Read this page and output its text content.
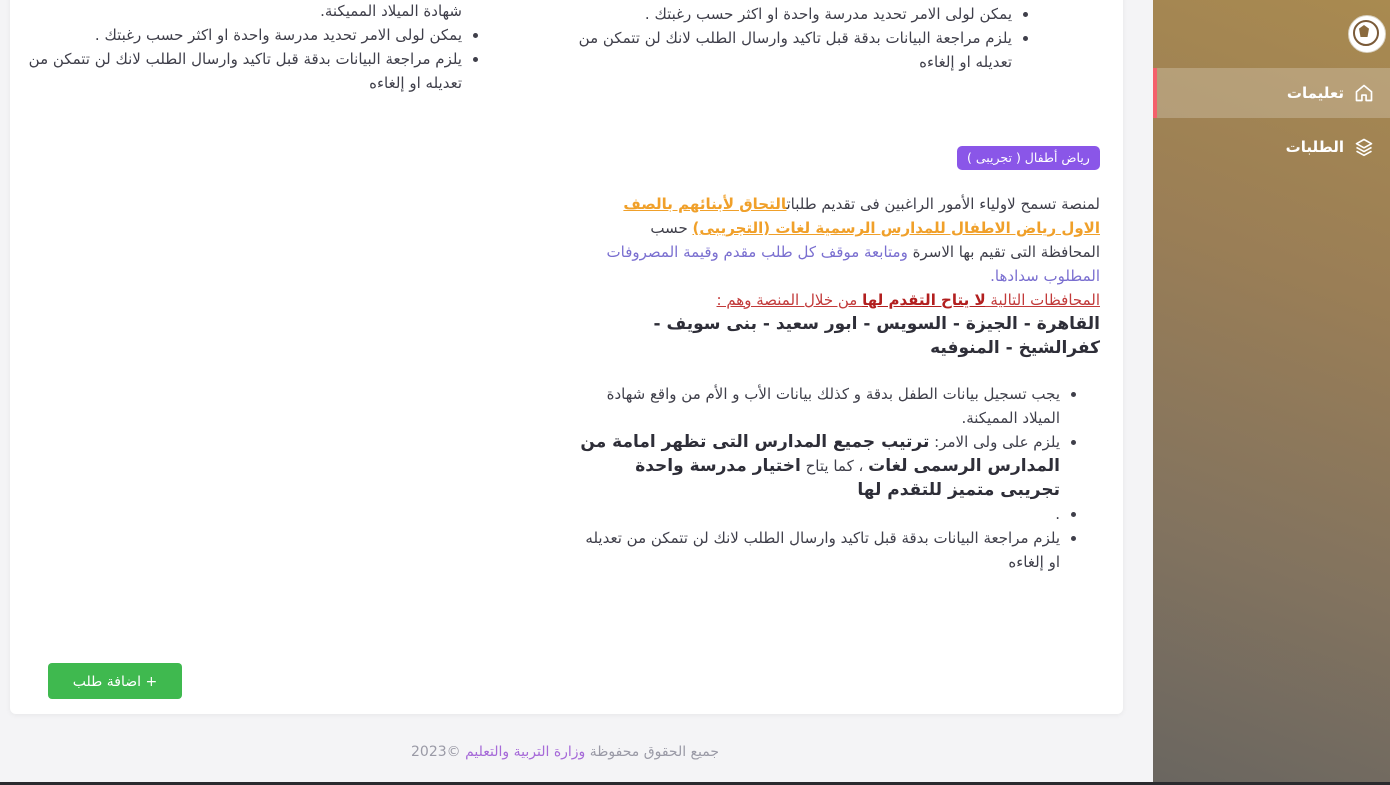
تعليمات
الطلبات
شهادة الميلاد المميكنة.
• يمكن لولى الامر تحديد مدرسة واحدة او اكثر حسب رغبتك .
• يلزم مراجعة البيانات بدقة قبل تاكيد وارسال الطلب لانك لن تتمكن من تعديله او إلغاءه
• يمكن لولى الامر تحديد مدرسة واحدة او اكثر حسب رغبتك .
• يلزم مراجعة البيانات بدقة قبل تاكيد وارسال الطلب لانك لن تتمكن من تعديله او إلغاءه
رياض أطفال ( تجريبى )
لمنصة تسمح لاولياء الأمور الراغبين فى تقديم طلباتالتحاق لأبنائهم بالصف الاول رياض الاطفال للمدارس الرسمية لغات (التجريبى) حسب المحافظة التى تقيم بها الاسرة ومتابعة موقف كل طلب مقدم وقيمة المصروفات المطلوب سدادها.
المحافظات التالية لا يتاح التقدم لها من خلال المنصة وهم :
القاهرة - الجيزة - السويس - ابور سعيد - بنى سويف - كفرالشيخ - المنوفيه
• يجب تسجيل بيانات الطفل بدقة و كذلك بيانات الأب و الأم من واقع شهادة الميلاد المميكنة.
• يلزم على ولى الامر: ترتيب جميع المدارس التى تظهر امامة من المدارس الرسمى لغات ، كما يتاح اختيار مدرسة واحدة تجريبى متميز للتقدم لها
• .
• يلزم مراجعة البيانات بدقة قبل تاكيد وارسال الطلب لانك لن تتمكن من تعديله او إلغاءه
+ اضافة طلب
جميع الحقوق محفوظة وزارة التربية والتعليم ©2023
